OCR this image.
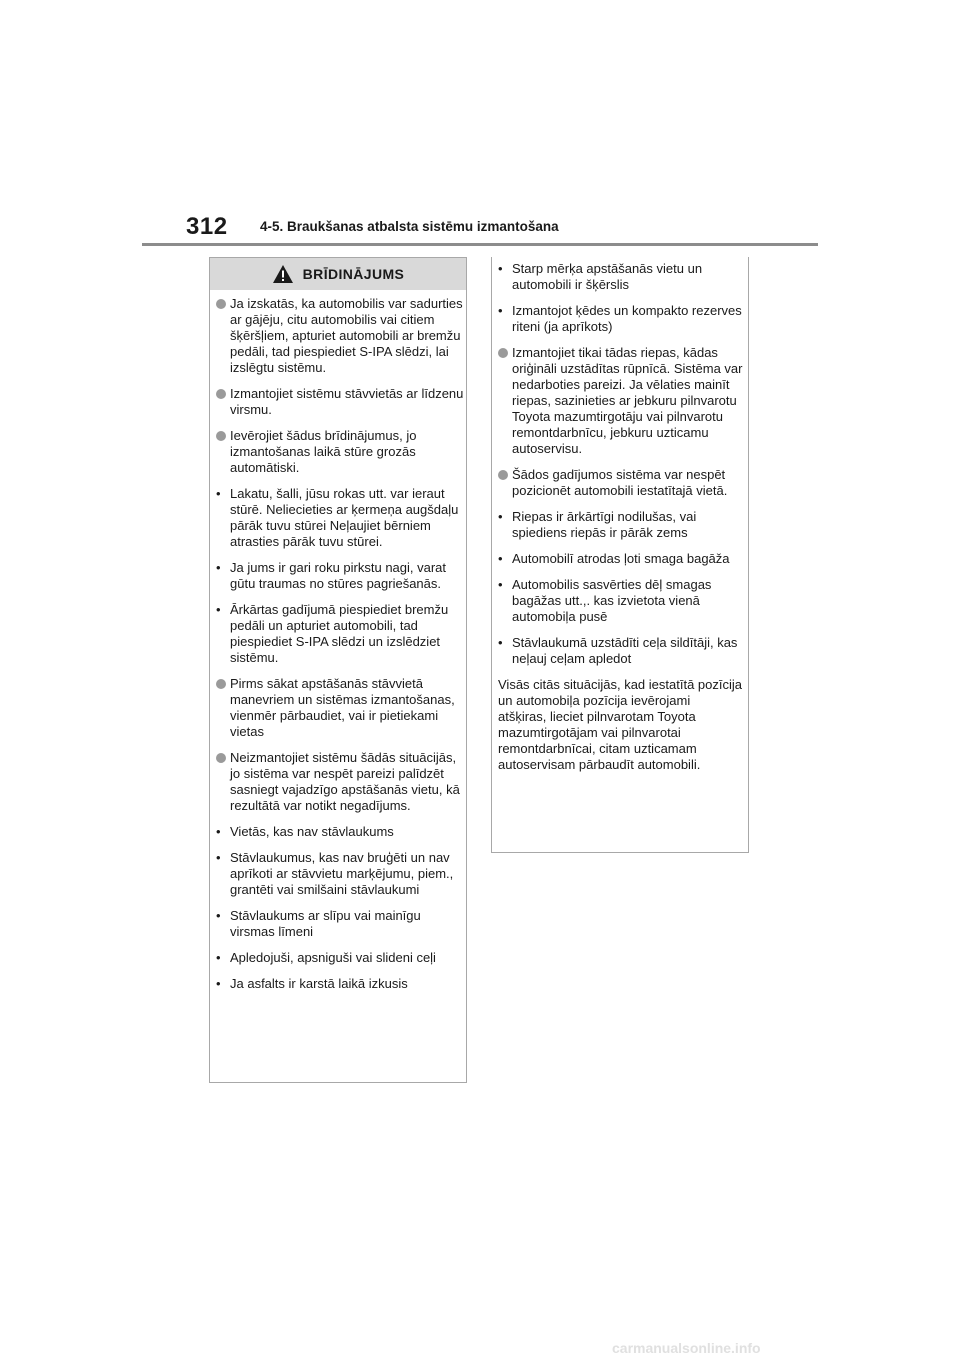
312 4-5. Braukšanas atbalsta sistēmu izmantošana
BRĪDINĀJUMS
Ja izskatās, ka automobilis var sadurties ar gājēju, citu automobilis vai citiem šķēršļiem, apturiet automobili ar bremžu pedāli, tad piespiediet S-IPA slēdzi, lai izslēgtu sistēmu.
Izmantojiet sistēmu stāvvietās ar līdzenu virsmu.
Ievērojiet šādus brīdinājumus, jo izmantošanas laikā stūre grozās automātiski.
• Lakatu, šalli, jūsu rokas utt. var ieraut stūrē. Neliecieties ar ķermeņa augšdaļu pārāk tuvu stūrei Neļaujiet bērniem atrasties pārāk tuvu stūrei.
• Ja jums ir gari roku pirkstu nagi, varat gūtu traumas no stūres pagriešanās.
• Ārkārtas gadījumā piespiediet bremžu pedāli un apturiet automobili, tad piespiediet S-IPA slēdzi un izslēdziet sistēmu.
Pirms sākat apstāšanās stāvvietā manevriem un sistēmas izmantošanas, vienmēr pārbaudiet, vai ir pietiekami vietas
Neizmantojiet sistēmu šādās situācijās, jo sistēma var nespēt pareizi palīdzēt sasniegt vajadzīgo apstāšanās vietu, kā rezultātā var notikt negadījums.
• Vietās, kas nav stāvlaukums
• Stāvlaukumus, kas nav bruģēti un nav aprīkoti ar stāvvietu marķējumu, piem., grantēti vai smilšaini stāvlaukumi
• Stāvlaukums ar slīpu vai mainīgu virsmas līmeni
• Apledojuši, apsniguši vai slideni ceļi
• Ja asfalts ir karstā laikā izkusis
• Starp mērķa apstāšanās vietu un automobili ir šķērslis
• Izmantojot ķēdes un kompakto rezerves riteni (ja aprīkots)
Izmantojiet tikai tādas riepas, kādas oriģināli uzstādītas rūpnīcā. Sistēma var nedarboties pareizi. Ja vēlaties mainīt riepas, sazinieties ar jebkuru pilnvarotu Toyota mazumtirgotāju vai pilnvarotu remontdarbnīcu, jebkuru uzticamu autoservisu.
Šādos gadījumos sistēma var nespēt pozicionēt automobili iestatītajā vietā.
• Riepas ir ārkārtīgi nodilušas, vai spiediens riepās ir pārāk zems
• Automobilī atrodas ļoti smaga bagāža
• Automobilis sasvērties dēļ smagas bagāžas utt.,. kas izvietota vienā automobiļa pusē
• Stāvlaukumā uzstādīti ceļa sildītāji, kas neļauj ceļam apledot
Visās citās situācijās, kad iestatītā pozīcija un automobiļa pozīcija ievērojami atšķiras, lieciet pilnvarotam Toyota mazumtirgotājam vai pilnvarotai remontdarbnīcai, citam uzticamam autoservisam pārbaudīt automobili.
carmanualsonline.info
